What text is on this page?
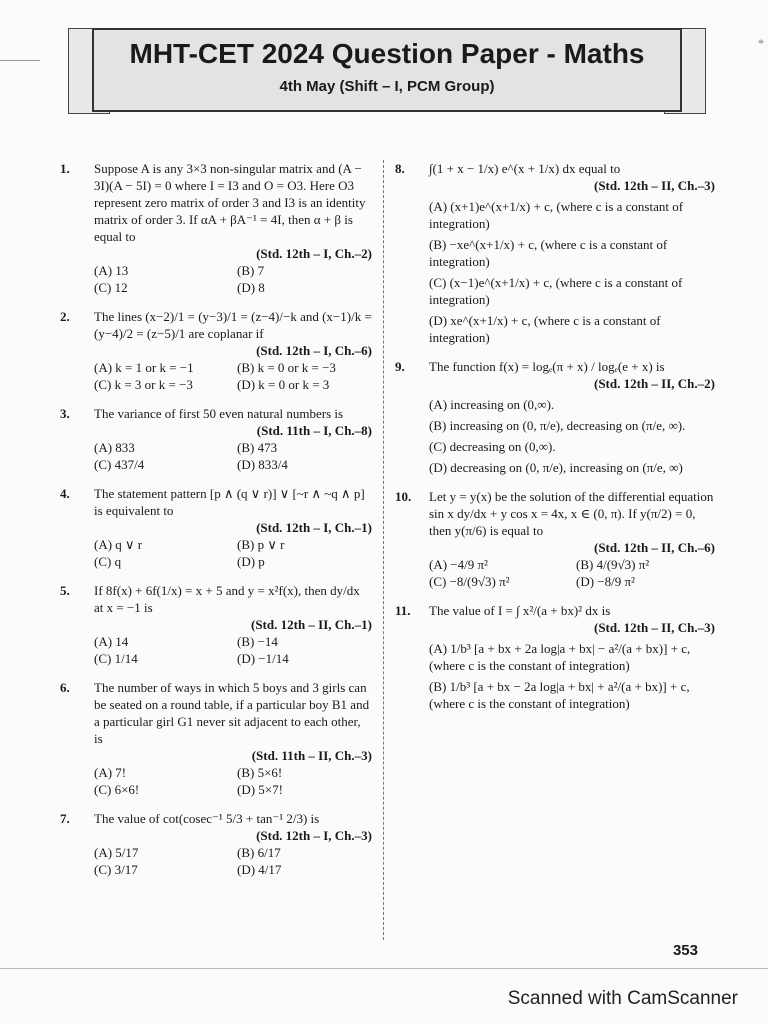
*
MHT-CET 2024 Question Paper - Maths
4th May (Shift – I, PCM Group)
1. Suppose A is any 3×3 non-singular matrix and (A − 3I)(A − 5I) = 0 where I = I3 and O = O3. Here O3 represent zero matrix of order 3 and I3 is an identity matrix of order 3. If αA + βA⁻¹ = 4I, then α + β is equal to
(Std. 12th – I, Ch.–2)
(A) 13	(B) 7
(C) 12	(D) 8
2. The lines (x−2)/1 = (y−3)/1 = (z−4)/−k and (x−1)/k = (y−4)/2 = (z−5)/1 are coplanar if
(Std. 12th – I, Ch.–6)
(A) k = 1 or k = −1	(B) k = 0 or k = −3
(C) k = 3 or k = −3	(D) k = 0 or k = 3
3. The variance of first 50 even natural numbers is
(Std. 11th – I, Ch.–8)
(A) 833	(B) 473
(C) 437/4	(D) 833/4
4. The statement pattern [p ∧ (q ∨ r)] ∨ [~r ∧ ~q ∧ p] is equivalent to
(Std. 12th – I, Ch.–1)
(A) q ∨ r	(B) p ∨ r
(C) q	(D) p
5. If 8f(x) + 6f(1/x) = x + 5 and y = x²f(x), then dy/dx at x = −1 is
(Std. 12th – II, Ch.–1)
(A) 14	(B) −14
(C) 1/14	(D) −1/14
6. The number of ways in which 5 boys and 3 girls can be seated on a round table, if a particular boy B1 and a particular girl G1 never sit adjacent to each other, is
(Std. 11th – II, Ch.–3)
(A) 7!	(B) 5×6!
(C) 6×6!	(D) 5×7!
7. The value of cot(cosec⁻¹ 5/3 + tan⁻¹ 2/3) is
(Std. 12th – I, Ch.–3)
(A) 5/17	(B) 6/17
(C) 3/17	(D) 4/17
8. ∫(1 + x − 1/x) e^(x + 1/x) dx equal to
(Std. 12th – II, Ch.–3)
(A) (x+1)e^(x+1/x) + c, (where c is a constant of integration)
(B) −xe^(x+1/x) + c, (where c is a constant of integration)
(C) (x−1)e^(x+1/x) + c, (where c is a constant of integration)
(D) xe^(x+1/x) + c, (where c is a constant of integration)
9. The function f(x) = logₑ(π + x) / logₑ(e + x) is
(Std. 12th – II, Ch.–2)
(A) increasing on (0,∞).
(B) increasing on (0, π/e), decreasing on (π/e, ∞).
(C) decreasing on (0,∞).
(D) decreasing on (0, π/e), increasing on (π/e, ∞)
10. Let y = y(x) be the solution of the differential equation sin x dy/dx + y cos x = 4x, x ∈ (0, π). If y(π/2) = 0, then y(π/6) is equal to
(Std. 12th – II, Ch.–6)
(A) −4/9 π²	(B) 4/(9√3) π²
(C) −8/(9√3) π²	(D) −8/9 π²
11. The value of I = ∫ x²/(a + bx)² dx is
(Std. 12th – II, Ch.–3)
(A) 1/b³ [a + bx + 2a log|a + bx| − a²/(a + bx)] + c, (where c is the constant of integration)
(B) 1/b³ [a + bx − 2a log|a + bx| + a²/(a + bx)] + c, (where c is the constant of integration)
353
Scanned with CamScanner
